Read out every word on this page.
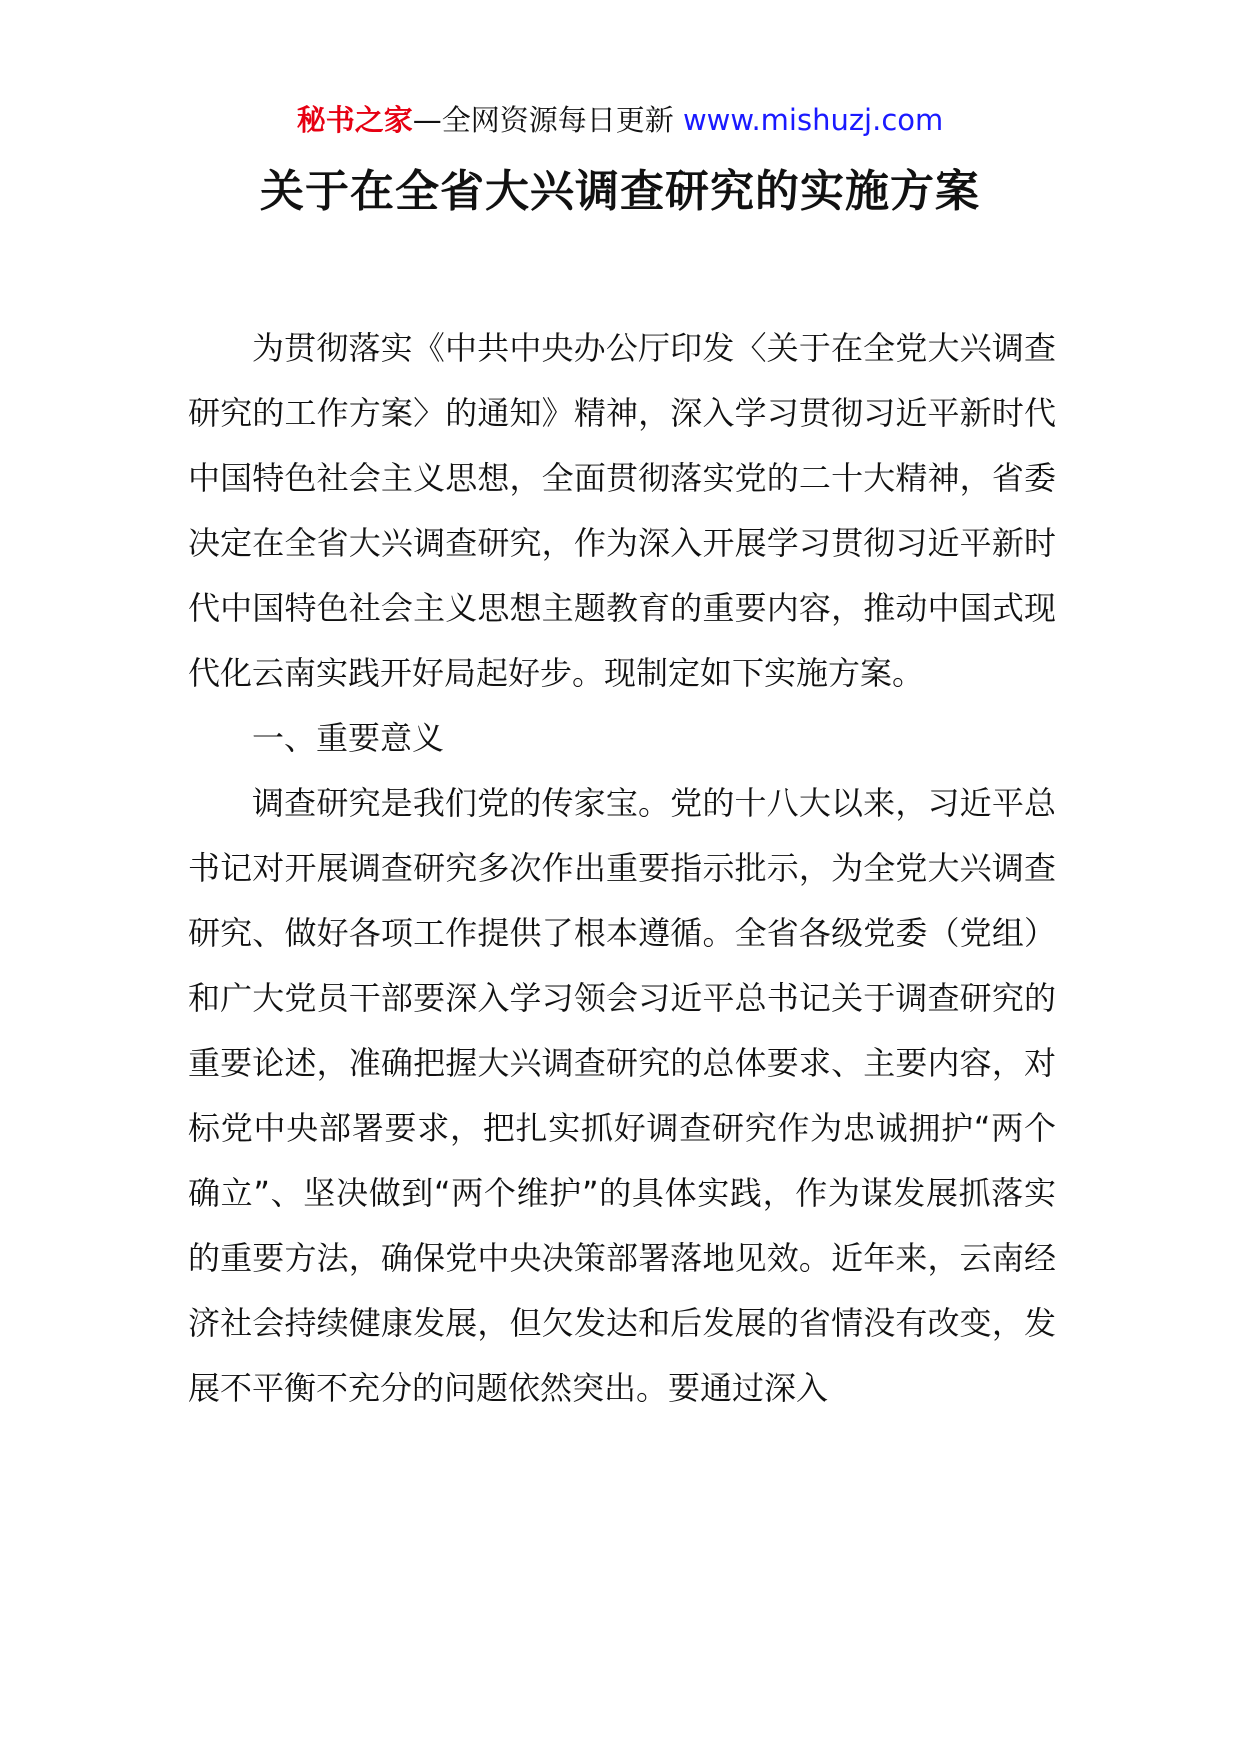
秘书之家—全网资源每日更新 www.mishuzj.com
关于在全省大兴调查研究的实施方案

为贯彻落实《中共中央办公厅印发〈关于在全党大兴调查研究的工作方案〉的通知》精神，深入学习贯彻习近平新时代中国特色社会主义思想，全面贯彻落实党的二十大精神，省委决定在全省大兴调查研究，作为深入开展学习贯彻习近平新时代中国特色社会主义思想主题教育的重要内容，推动中国式现代化云南实践开好局起好步。现制定如下实施方案。

一、重要意义

调查研究是我们党的传家宝。党的十八大以来，习近平总书记对开展调查研究多次作出重要指示批示，为全党大兴调查研究、做好各项工作提供了根本遵循。全省各级党委（党组）和广大党员干部要深入学习领会习近平总书记关于调查研究的重要论述，准确把握大兴调查研究的总体要求、主要内容，对标党中央部署要求，把扎实抓好调查研究作为忠诚拥护“两个确立”、坚决做到“两个维护”的具体实践，作为谋发展抓落实的重要方法，确保党中央决策部署落地见效。近年来，云南经济社会持续健康发展，但欠发达和后发展的省情没有改变，发展不平衡不充分的问题依然突出。要通过深入
